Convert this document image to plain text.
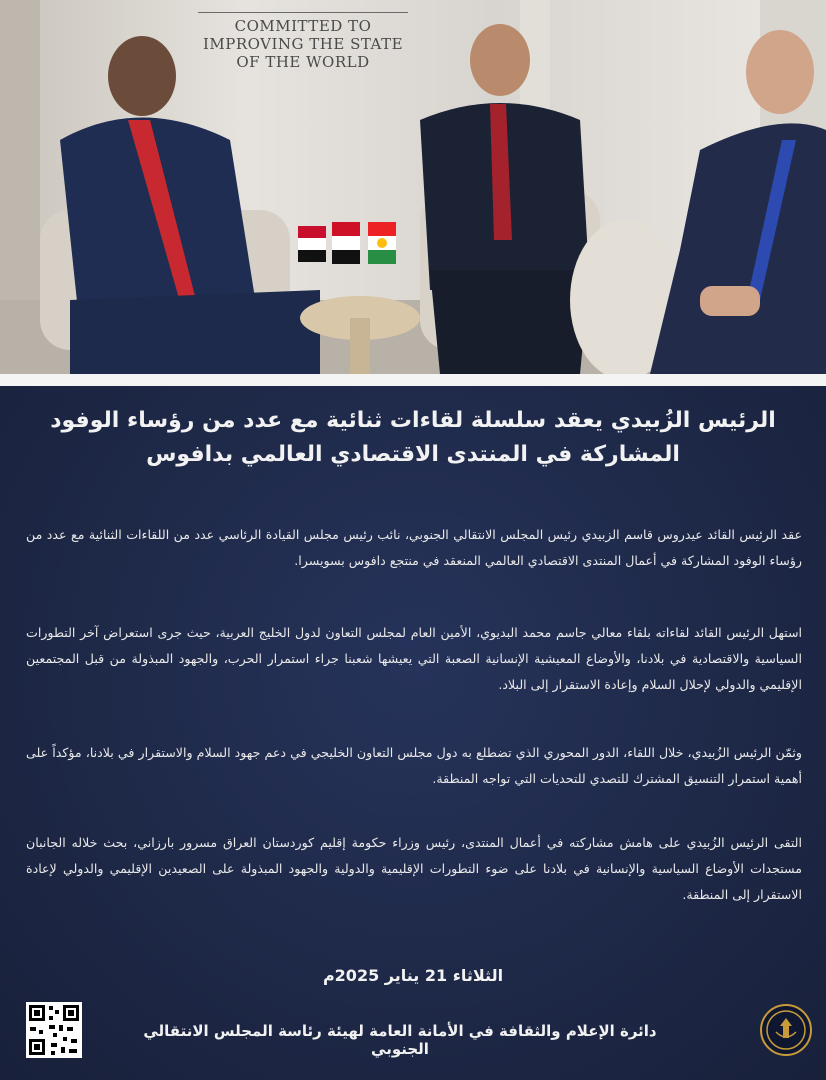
COMMITTED TO
IMPROVING THE STATE
OF THE WORLD
الرئيس الزُبيدي يعقد سلسلة لقاءات ثنائية مع عدد من رؤساء الوفود
المشاركة في المنتدى الاقتصادي العالمي بدافوس
عقد الرئيس القائد عيدروس قاسم الزبيدي رئيس المجلس الانتقالي الجنوبي، نائب رئيس مجلس القيادة الرئاسي عدد من اللقاءات الثنائية مع عدد من رؤساء الوفود المشاركة في أعمال المنتدى الاقتصادي العالمي المنعقد في منتجع دافوس بسويسرا.
استهل الرئيس القائد لقاءاته بلقاء معالي جاسم محمد البديوي، الأمين العام لمجلس التعاون لدول الخليج العربية، حيث جرى استعراض آخر التطورات السياسية والاقتصادية في بلادنا، والأوضاع المعيشية الإنسانية الصعبة التي يعيشها شعبنا جراء استمرار الحرب، والجهود المبذولة من قبل المجتمعين الإقليمي والدولي لإحلال السلام وإعادة الاستقرار إلى البلاد.
وثمّن الرئيس الزُبيدي، خلال اللقاء، الدور المحوري الذي تضطلع به دول مجلس التعاون الخليجي في دعم جهود السلام والاستقرار في بلادنا، مؤكداً على أهمية استمرار التنسيق المشترك للتصدي للتحديات التي تواجه المنطقة.
التقى الرئيس الزُبيدي على هامش مشاركته في أعمال المنتدى، رئيس وزراء حكومة إقليم كوردستان العراق مسرور بارزاني، بحث خلاله الجانبان مستجدات الأوضاع السياسية والإنسانية في بلادنا على ضوء التطورات الإقليمية والدولية والجهود المبذولة على الصعيدين الإقليمي والدولي لإعادة الاستقرار إلى المنطقة.
الثلاثاء 21 يناير 2025م
دائرة الإعلام والثقافة في الأمانة العامة لهيئة رئاسة المجلس الانتقالي الجنوبي
